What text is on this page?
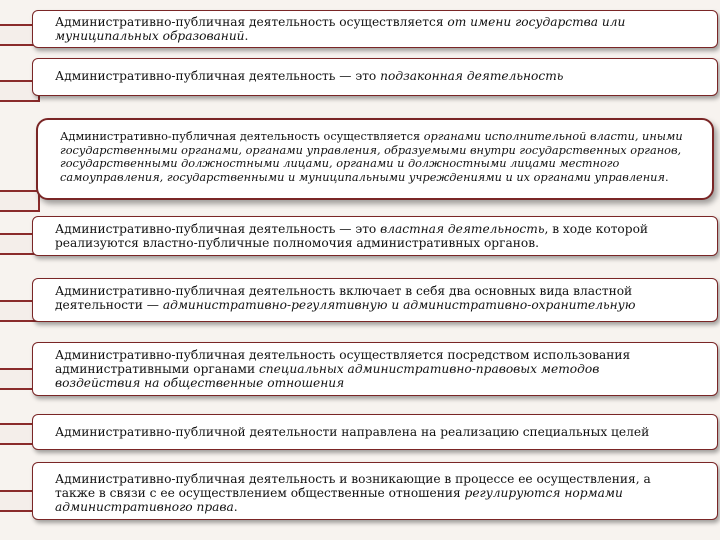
Административно-публичная деятельность осуществляется от имени государства или
муниципальных образований.
Административно-публичная деятельность — это подзаконная деятельность
Административно-публичная деятельность осуществляется органами исполнительной власти, иными
государственными органами, органами управления, образуемыми внутри государственных органов,
государственными должностными лицами, органами и должностными лицами местного
самоуправления, государственными и муниципальными учреждениями и их органами управления.
Административно-публичная деятельность — это властная деятельность, в ходе которой
реализуются властно-публичные полномочия административных органов.
Административно-публичная деятельность включает в себя два основных вида властной
деятельности — административно-регулятивную и административно-охранительную
Административно-публичная деятельность осуществляется посредством использования
административными органами специальных административно-правовых методов
воздействия на общественные отношения
Административно-публичной деятельности направлена на реализацию специальных целей
Административно-публичная деятельность и возникающие в процессе ее осуществления, а
также в связи с ее осуществлением общественные отношения регулируются нормами
административного права.
